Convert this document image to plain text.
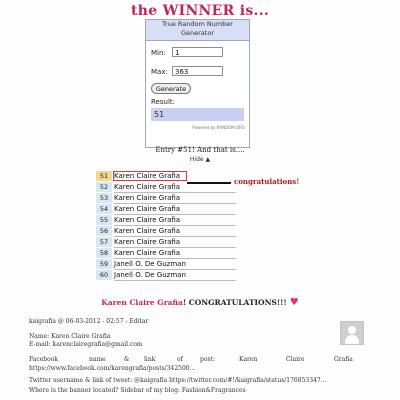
the WINNER is...
True Random Number Generator
Min:	1
Max:	363
Generate
Result:
51
Powered by RANDOM.ORG
Entry #51! And that is....
Hide ▲
51 Karen Claire Grafia
52 Karen Claire Grafia
53 Karen Claire Grafia
54 Karen Claire Grafia
55 Karen Claire Grafia
56 Karen Claire Grafia
57 Karen Claire Grafia
58 Karen Claire Grafia
59 Janell O. De Guzman
60 Janell O. De Guzman
congratulations!
Karen Claire Grafia! CONGRATULATIONS!!! ♥
kaigrafia @ 06-03-2012 - 02:57 - Editar
Name: Karen Claire Grafia
E-mail: karenclairegrafia@gmail.com
Facebook	name	& link	of	post:	Karen	Claire	Grafia
https://www.facebook.com/karengrafia/posts/342500...
Twitter username & link of tweet: @kaigrafia https://twitter.com/#!/kaigrafia/status/176853347...
Where is the banner located? Sidebar of my blog: Fashion&Fragrances
